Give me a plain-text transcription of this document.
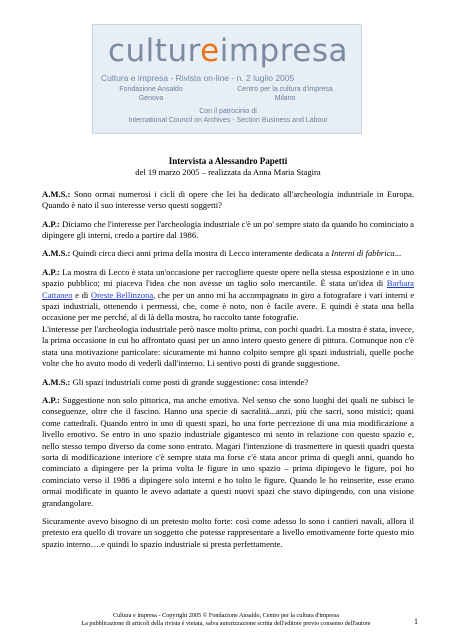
cultureimpresa
Cultura e impresa - Rivista on-line - n. 2 luglio 2005
Fondazione Ansaldo
Genova
Centro per la cultura d'impresa
Milano
Con il patrocinio di
International Council on Archives - Section Business and Labour
Intervista a Alessandro Papetti
del 19 marzo 2005 – realizzata da Anna Maria Stagira

A.M.S.: Sono ormai numerosi i cicli di opere che lei ha dedicato all'archeologia industriale in Europa. Quando è nato il suo interesse verso questi soggetti?

A.P.: Diciamo che l'interesse per l'archeologia industriale c'è un po' sempre stato da quando ho cominciato a dipingere gli interni, credo a partire dal 1986.

A.M.S.: Quindi circa dieci anni prima della mostra di Lecco interamente dedicata a Interni di fabbrica...

A.P.: La mostra di Lecco è stata un'occasione per raccogliere queste opere nella stessa esposizione e in uno spazio pubblico; mi piaceva l'idea che non avesse un taglio solo mercantile. È stata un'idea di Barbara Cattaneo e di Oreste Bellinzona, che per un anno mi ha accompagnato in giro a fotografare i vari interni e spazi industriali, ottenendo i permessi, che, come è noto, non è facile avere. E quindi è stata una bella occasione per me perché, al di là della mostra, ho raccolto tante fotografie.

L'interesse per l'archeologia industriale però nasce molto prima, con pochi quadri. La mostra è stata, invece, la prima occasione in cui ho affrontato quasi per un anno intero questo genere di pittura. Comunque non c'è stata una motivazione particolare: sicuramente mi hanno colpito sempre gli spazi industriali, quelle poche volte che ho avuto modo di vederli dall'interno. Li sentivo posti di grande suggestione.

A.M.S.: Gli spazi industriali come posti di grande suggestione: cosa intende?

A.P.: Suggestione non solo pittorica, ma anche emotiva. Nel senso che sono luoghi dei quali ne subisci le conseguenze, oltre che il fascino. Hanno una specie di sacralità...anzi, più che sacri, sono mistici; quasi come cattedrali. Quando entro in uno di questi spazi, ho una forte percezione di una mia modificazione a livello emotivo. Se entro in uno spazio industriale gigantesco mi sento in relazione con questo spazio e, nello stesso tempo diverso da come sono entrato. Magari l'intenzione di trasmettere in questi quadri questa sorta di modificazione interiore c'è sempre stata ma forse c'è stata ancor prima di quegli anni, quando ho cominciato a dipingere per la prima volta le figure in uno spazio – prima dipingevo le figure, poi ho cominciato verso il 1986 a dipingere solo interni e ho tolto le figure. Quando le ho reinserite, esse erano ormai modificate in quanto le avevo adattate a questi nuovi spazi che stavo dipingendo, con una visione grandangolare.

Sicuramente avevo bisogno di un pretesto molto forte: così come adesso lo sono i cantieri navali, allora il pretesto era quello di trovare un soggetto che potesse rappresentare a livello emotivamente forte questo mio spazio interno….e quindi lo spazio industriale si presta perfettamente.

Cultura e impresa - Copyright 2005 © Fondazione Ansaldo, Centro per la cultura d'impresa
La pubblicazione di articoli della rivista è vietata, salva autorizzazione scritta dell'editore previo consenso dell'autore	1
